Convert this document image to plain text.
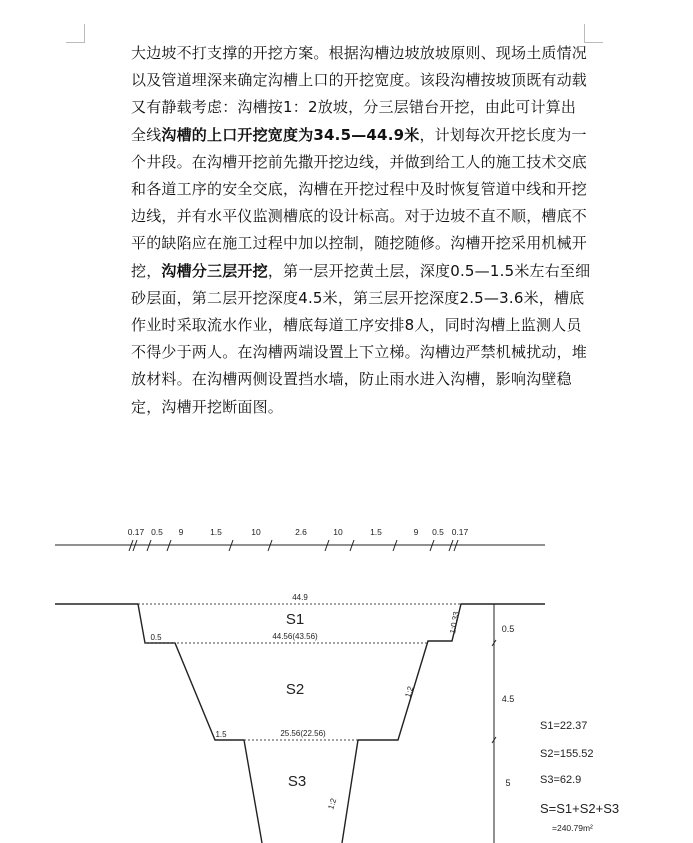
大边坡不打支撑的开挖方案。根据沟槽边坡放坡原则、现场土质情况以及管道埋深来确定沟槽上口的开挖宽度。该段沟槽按坡顶既有动载又有静载考虑：沟槽按1：2放坡，分三层错台开挖，由此可计算出全线沟槽的上口开挖宽度为34.5—44.9米，计划每次开挖长度为一个井段。在沟槽开挖前先撒开挖边线，并做到给工人的施工技术交底和各道工序的安全交底，沟槽在开挖过程中及时恢复管道中线和开挖边线，并有水平仪监测槽底的设计标高。对于边坡不直不顺，槽底不平的缺陷应在施工过程中加以控制，随挖随修。沟槽开挖采用机械开挖，沟槽分三层开挖，第一层开挖黄土层，深度0.5—1.5米左右至细砂层面，第二层开挖深度4.5米，第三层开挖深度2.5—3.6米，槽底作业时采取流水作业，槽底每道工序安排8人，同时沟槽上监测人员不得少于两人。在沟槽两端设置上下立梯。沟槽边严禁机械扰动，堆放材料。在沟槽两侧设置挡水墙，防止雨水进入沟槽，影响沟壁稳定，沟槽开挖断面图。
0.17 0.5 9	1.5	10	2.6	10	1.5	9 0.5 0.17
44.9
44.56(43.56)
25.56(22.56)
0.5
1.5
1:0.33
1:2
1:2
S1
S2
S3
0.5
4.5
5
S1=22.37
S2=155.52
S3=62.9
S=S1+S2+S3
=240.79m²
